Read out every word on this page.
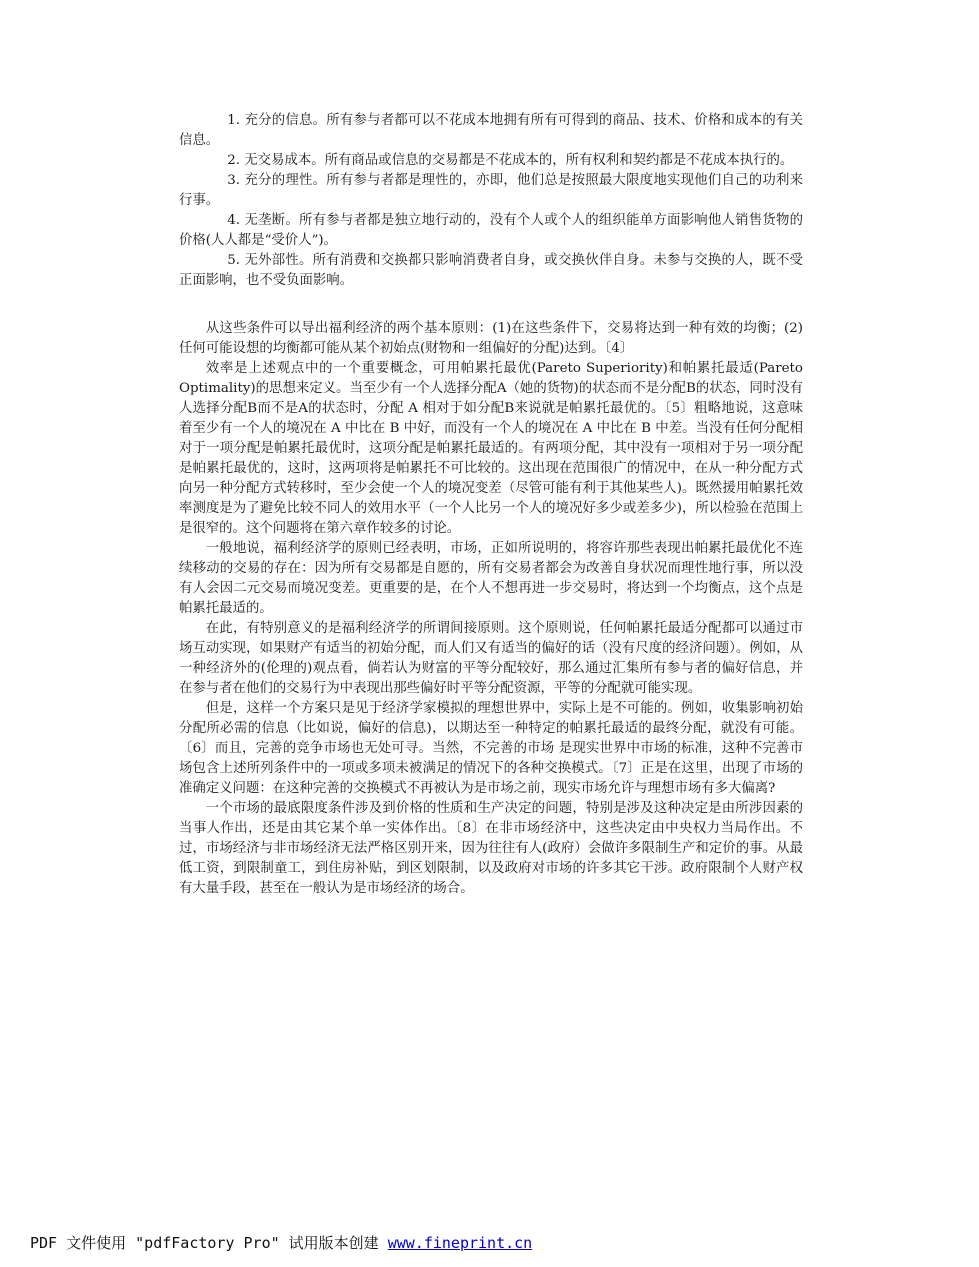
1. 充分的信息。所有参与者都可以不花成本地拥有所有可得到的商品、技术、价格和成本的有关信息。

2. 无交易成本。所有商品或信息的交易都是不花成本的，所有权利和契约都是不花成本执行的。

3. 充分的理性。所有参与者都是理性的，亦即，他们总是按照最大限度地实现他们自己的功利来行事。

4. 无垄断。所有参与者都是独立地行动的，没有个人或个人的组织能单方面影响他人销售货物的价格(人人都是“受价人”)。

5. 无外部性。所有消费和交换都只影响消费者自身，或交换伙伴自身。未参与交换的人，既不受正面影响，也不受负面影响。

从这些条件可以导出福利经济的两个基本原则：(1)在这些条件下，交易将达到一种有效的均衡；(2)任何可能设想的均衡都可能从某个初始点(财物和一组偏好的分配)达到。〔4〕

效率是上述观点中的一个重要概念，可用帕累托最优(Pareto Superiority)和帕累托最适(Pareto Optimality)的思想来定义。当至少有一个人选择分配A（她的货物)的状态而不是分配B的状态，同时没有人选择分配B而不是A的状态时，分配 A 相对于如分配B来说就是帕累托最优的。〔5〕粗略地说，这意味着至少有一个人的境况在 A 中比在 B 中好，而没有一个人的境况在 A 中比在 B 中差。当没有任何分配相对于一项分配是帕累托最优时，这项分配是帕累托最适的。有两项分配，其中没有一项相对于另一项分配是帕累托最优的，这时，这两项将是帕累托不可比较的。这出现在范围很广的情况中，在从一种分配方式向另一种分配方式转移时，至少会使一个人的境况变差（尽管可能有利于其他某些人)。既然援用帕累托效率测度是为了避免比较不同人的效用水平（一个人比另一个人的境况好多少或差多少)，所以检验在范围上是很窄的。这个问题将在第六章作较多的讨论。

一般地说，福利经济学的原则已经表明，市场，正如所说明的，将容许那些表现出帕累托最优化不连续移动的交易的存在：因为所有交易都是自愿的，所有交易者都会为改善自身状况而理性地行事，所以没有人会因二元交易而境况变差。更重要的是，在个人不想再进一步交易时，将达到一个均衡点，这个点是帕累托最适的。

在此，有特别意义的是福利经济学的所谓间接原则。这个原则说，任何帕累托最适分配都可以通过市场互动实现，如果财产有适当的初始分配，而人们又有适当的偏好的话（没有尺度的经济问题）。例如，从一种经济外的(伦理的)观点看，倘若认为财富的平等分配较好，那么通过汇集所有参与者的偏好信息，并在参与者在他们的交易行为中表现出那些偏好时平等分配资源，平等的分配就可能实现。

但是，这样一个方案只是见于经济学家模拟的理想世界中，实际上是不可能的。例如，收集影响初始分配所必需的信息（比如说，偏好的信息)，以期达至一种特定的帕累托最适的最终分配，就没有可能。〔6〕而且，完善的竞争市场也无处可寻。当然，不完善的市场 是现实世界中市场的标准，这种不完善市场包含上述所列条件中的一项或多项未被满足的情况下的各种交换模式。〔7〕正是在这里，出现了市场的准确定义问题：在这种完善的交换模式不再被认为是市场之前，现实市场允许与理想市场有多大偏离?

一个市场的最底限度条件涉及到价格的性质和生产决定的问题，特别是涉及这种决定是由所涉因素的当事人作出，还是由其它某个单一实体作出。〔8〕在非市场经济中，这些决定由中央权力当局作出。不过，市场经济与非市场经济无法严格区别开来，因为往往有人(政府）会做许多限制生产和定价的事。从最低工资，到限制童工，到住房补贴，到区划限制，以及政府对市场的许多其它干涉。政府限制个人财产权有大量手段，甚至在一般认为是市场经济的场合。

PDF 文件使用 "pdfFactory Pro" 试用版本创建 www.fineprint.cn
